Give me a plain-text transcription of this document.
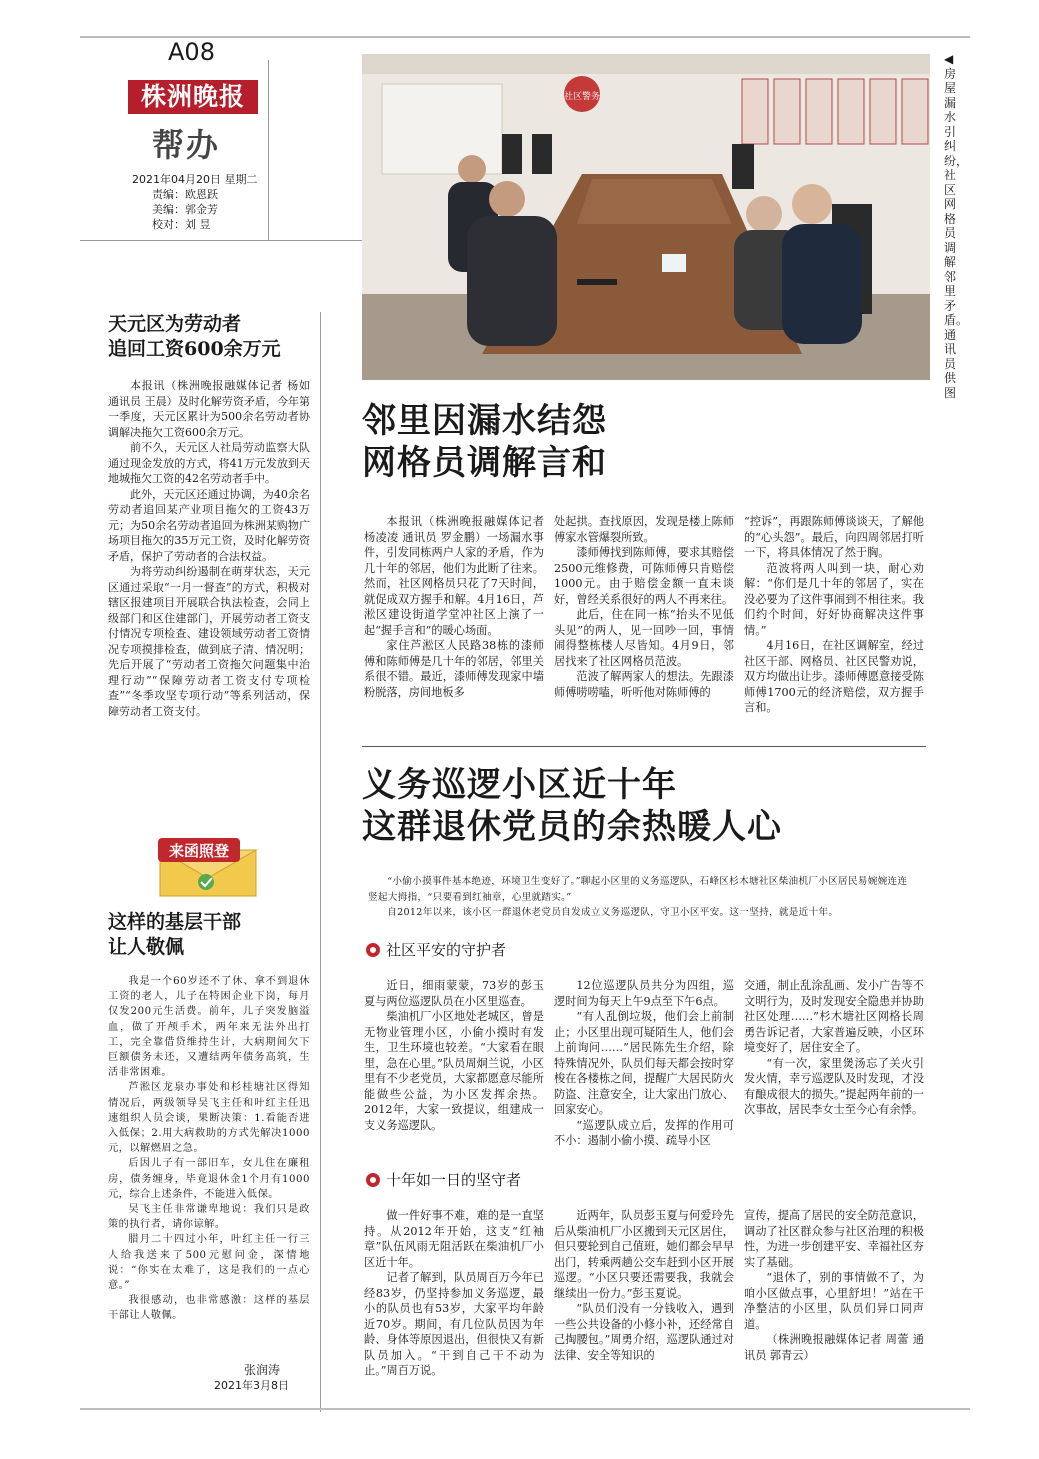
A08
株洲晚报
帮办
2021年04月20日 星期二
责编：欧恩跃
美编：郭金芳
校对：刘 昱
天元区为劳动者
追回工资600余万元

本报讯（株洲晚报融媒体记者 杨如 通讯员 王晨）及时化解劳资矛盾，今年第一季度，天元区累计为500余名劳动者协调解决拖欠工资600余万元。

前不久，天元区人社局劳动监察大队通过现金发放的方式，将41万元发放到天地城拖欠工资的42名劳动者手中。

此外，天元区还通过协调，为40余名劳动者追回某产业项目拖欠的工资43万元；为50余名劳动者追回为株洲某购物广场项目拖欠的35万元工资，及时化解劳资矛盾，保护了劳动者的合法权益。

为将劳动纠纷遏制在萌芽状态，天元区通过采取“一月一督查”的方式，积极对辖区报建项目开展联合执法检查，会同上级部门和区住建部门，开展劳动者工资支付情况专项检查、建设领域劳动者工资情况专项摸排检查，做到底子清、情况明；先后开展了“劳动者工资拖欠问题集中治理行动”“保障劳动者工资支付专项检查”“冬季攻坚专项行动”等系列活动，保障劳动者工资支付。

来函照登
这样的基层干部
让人敬佩

我是一个60岁还不了休、拿不到退休工资的老人，儿子在特困企业下岗，每月仅发200元生活费。前年，儿子突发脑溢血，做了开颅手术，两年来无法外出打工，完全靠借贷维持生计，大病期间欠下巨额债务未还，又遭结两年债务高筑，生活非常困难。

芦淞区龙泉办事处和杉桂塘社区得知情况后，两级领导吴飞主任和叶红主任迅速组织人员会谈，果断决策：1.看能否进入低保；2.用大病救助的方式先解决1000元，以解燃眉之急。

后因儿子有一部旧车，女儿住在廉租房，债务缠身，毕竟退休金1个月有1000元，综合上述条件，不能进入低保。

吴飞主任非常谦卑地说：我们只是政策的执行者，请你谅解。

腊月二十四过小年，叶红主任一行三人给我送来了500元慰问金，深情地说：“你实在太难了，这是我们的一点心意。”

我很感动，也非常感激：这样的基层干部让人敬佩。

张润涛
2021年3月8日
社区警务
◀房屋漏水引纠纷，社区网格员调解邻里矛盾。 通讯员 供图
邻里因漏水结怨
网格员调解言和

本报讯（株洲晚报融媒体记者 杨凌凌 通讯员 罗金鹏）一场漏水事件，引发同栋两户人家的矛盾，作为几十年的邻居，他们为此断了往来。然而，社区网格员只花了7天时间，就促成双方握手和解。4月16日，芦淞区建设街道学堂冲社区上演了一起“握手言和”的暖心场面。

家住芦淞区人民路38栋的漆师傅和陈师傅是几十年的邻居，邻里关系很不错。最近，漆师傅发现家中墙粉脱落，房间地板多

处起拱。查找原因，发现是楼上陈师傅家水管爆裂所致。

漆师傅找到陈师傅，要求其赔偿2500元维修费，可陈师傅只肯赔偿1000元。由于赔偿金额一直未谈好，曾经关系很好的两人不再来往。

此后，住在同一栋“抬头不见低头见”的两人，见一回吵一回，事情闹得整栋楼人尽皆知。4月9日，邻居找来了社区网格员范波。

范波了解两家人的想法。先跟漆师傅唠唠嗑，听听他对陈师傅的

“控诉”，再跟陈师傅谈谈天，了解他的“心头怨”。最后，向四周邻居打听一下，将具体情况了然于胸。

范波将两人叫到一块，耐心劝解：“你们是几十年的邻居了，实在没必要为了这件事闹到不相往来。我们约个时间，好好协商解决这件事情。”

4月16日，在社区调解室，经过社区干部、网格员、社区民警劝说，双方均做出让步。漆师傅愿意接受陈师傅1700元的经济赔偿，双方握手言和。

义务巡逻小区近十年
这群退休党员的余热暖人心

“小偷小摸事件基本绝迹，环境卫生变好了。”聊起小区里的义务巡逻队，石峰区杉木塘社区柴油机厂小区居民易婉婉连连竖起大拇指，“只要看到红袖章，心里就踏实。”

自2012年以来，该小区一群退休老党员自发成立义务巡逻队，守卫小区平安。这一坚持，就是近十年。

社区平安的守护者

近日，细雨蒙蒙，73岁的彭玉夏与两位巡逻队员在小区里巡查。

柴油机厂小区地处老城区，曾是无物业管理小区，小偷小摸时有发生，卫生环境也较差。“大家看在眼里，急在心里。”队员周炯兰说，小区里有不少老党员，大家都愿意尽能所能做些公益，为小区发挥余热。2012年，大家一致提议，组建成一支义务巡逻队。

12位巡逻队员共分为四组，巡逻时间为每天上午9点至下午6点。

“有人乱倒垃圾，他们会上前制止；小区里出现可疑陌生人，他们会上前询问……”居民陈先生介绍，除特殊情况外，队员们每天都会按时穿梭在各楼栋之间，提醒广大居民防火防盗、注意安全，让大家出门放心、回家安心。

“巡逻队成立后，发挥的作用可不小：遏制小偷小摸、疏导小区

交通，制止乱涂乱画、发小广告等不文明行为，及时发现安全隐患并协助社区处理……”杉木塘社区网格长周勇告诉记者，大家普遍反映，小区环境变好了，居住安全了。

“有一次，家里煲汤忘了关火引发火情，幸亏巡逻队及时发现，才没有酿成很大的损失。”提起两年前的一次事故，居民李女士至今心有余悸。

十年如一日的坚守者

做一件好事不难，难的是一直坚持。从2012年开始，这支“红袖章”队伍风雨无阻活跃在柴油机厂小区近十年。

记者了解到，队员周百万今年已经83岁，仍坚持参加义务巡逻，最小的队员也有53岁，大家平均年龄近70岁。期间，有几位队员因为年龄、身体等原因退出，但很快又有新队员加入。“干到自己干不动为止。”周百万说。

近两年，队员彭玉夏与何爱玲先后从柴油机厂小区搬到天元区居住，但只要轮到自己值班，她们都会早早出门，转乘两趟公交车赶到小区开展巡逻。“小区只要还需要我，我就会继续出一份力。”彭玉夏说。

“队员们没有一分钱收入，遇到一些公共设备的小修小补，还经常自己掏腰包。”周勇介绍，巡逻队通过对法律、安全等知识的

宣传，提高了居民的安全防范意识，调动了社区群众参与社区治理的积极性，为进一步创建平安、幸福社区夯实了基础。

“退休了，别的事情做不了，为咱小区做点事，心里舒坦！”站在干净整洁的小区里，队员们异口同声道。

（株洲晚报融媒体记者 周蕾 通讯员 郭青云）
